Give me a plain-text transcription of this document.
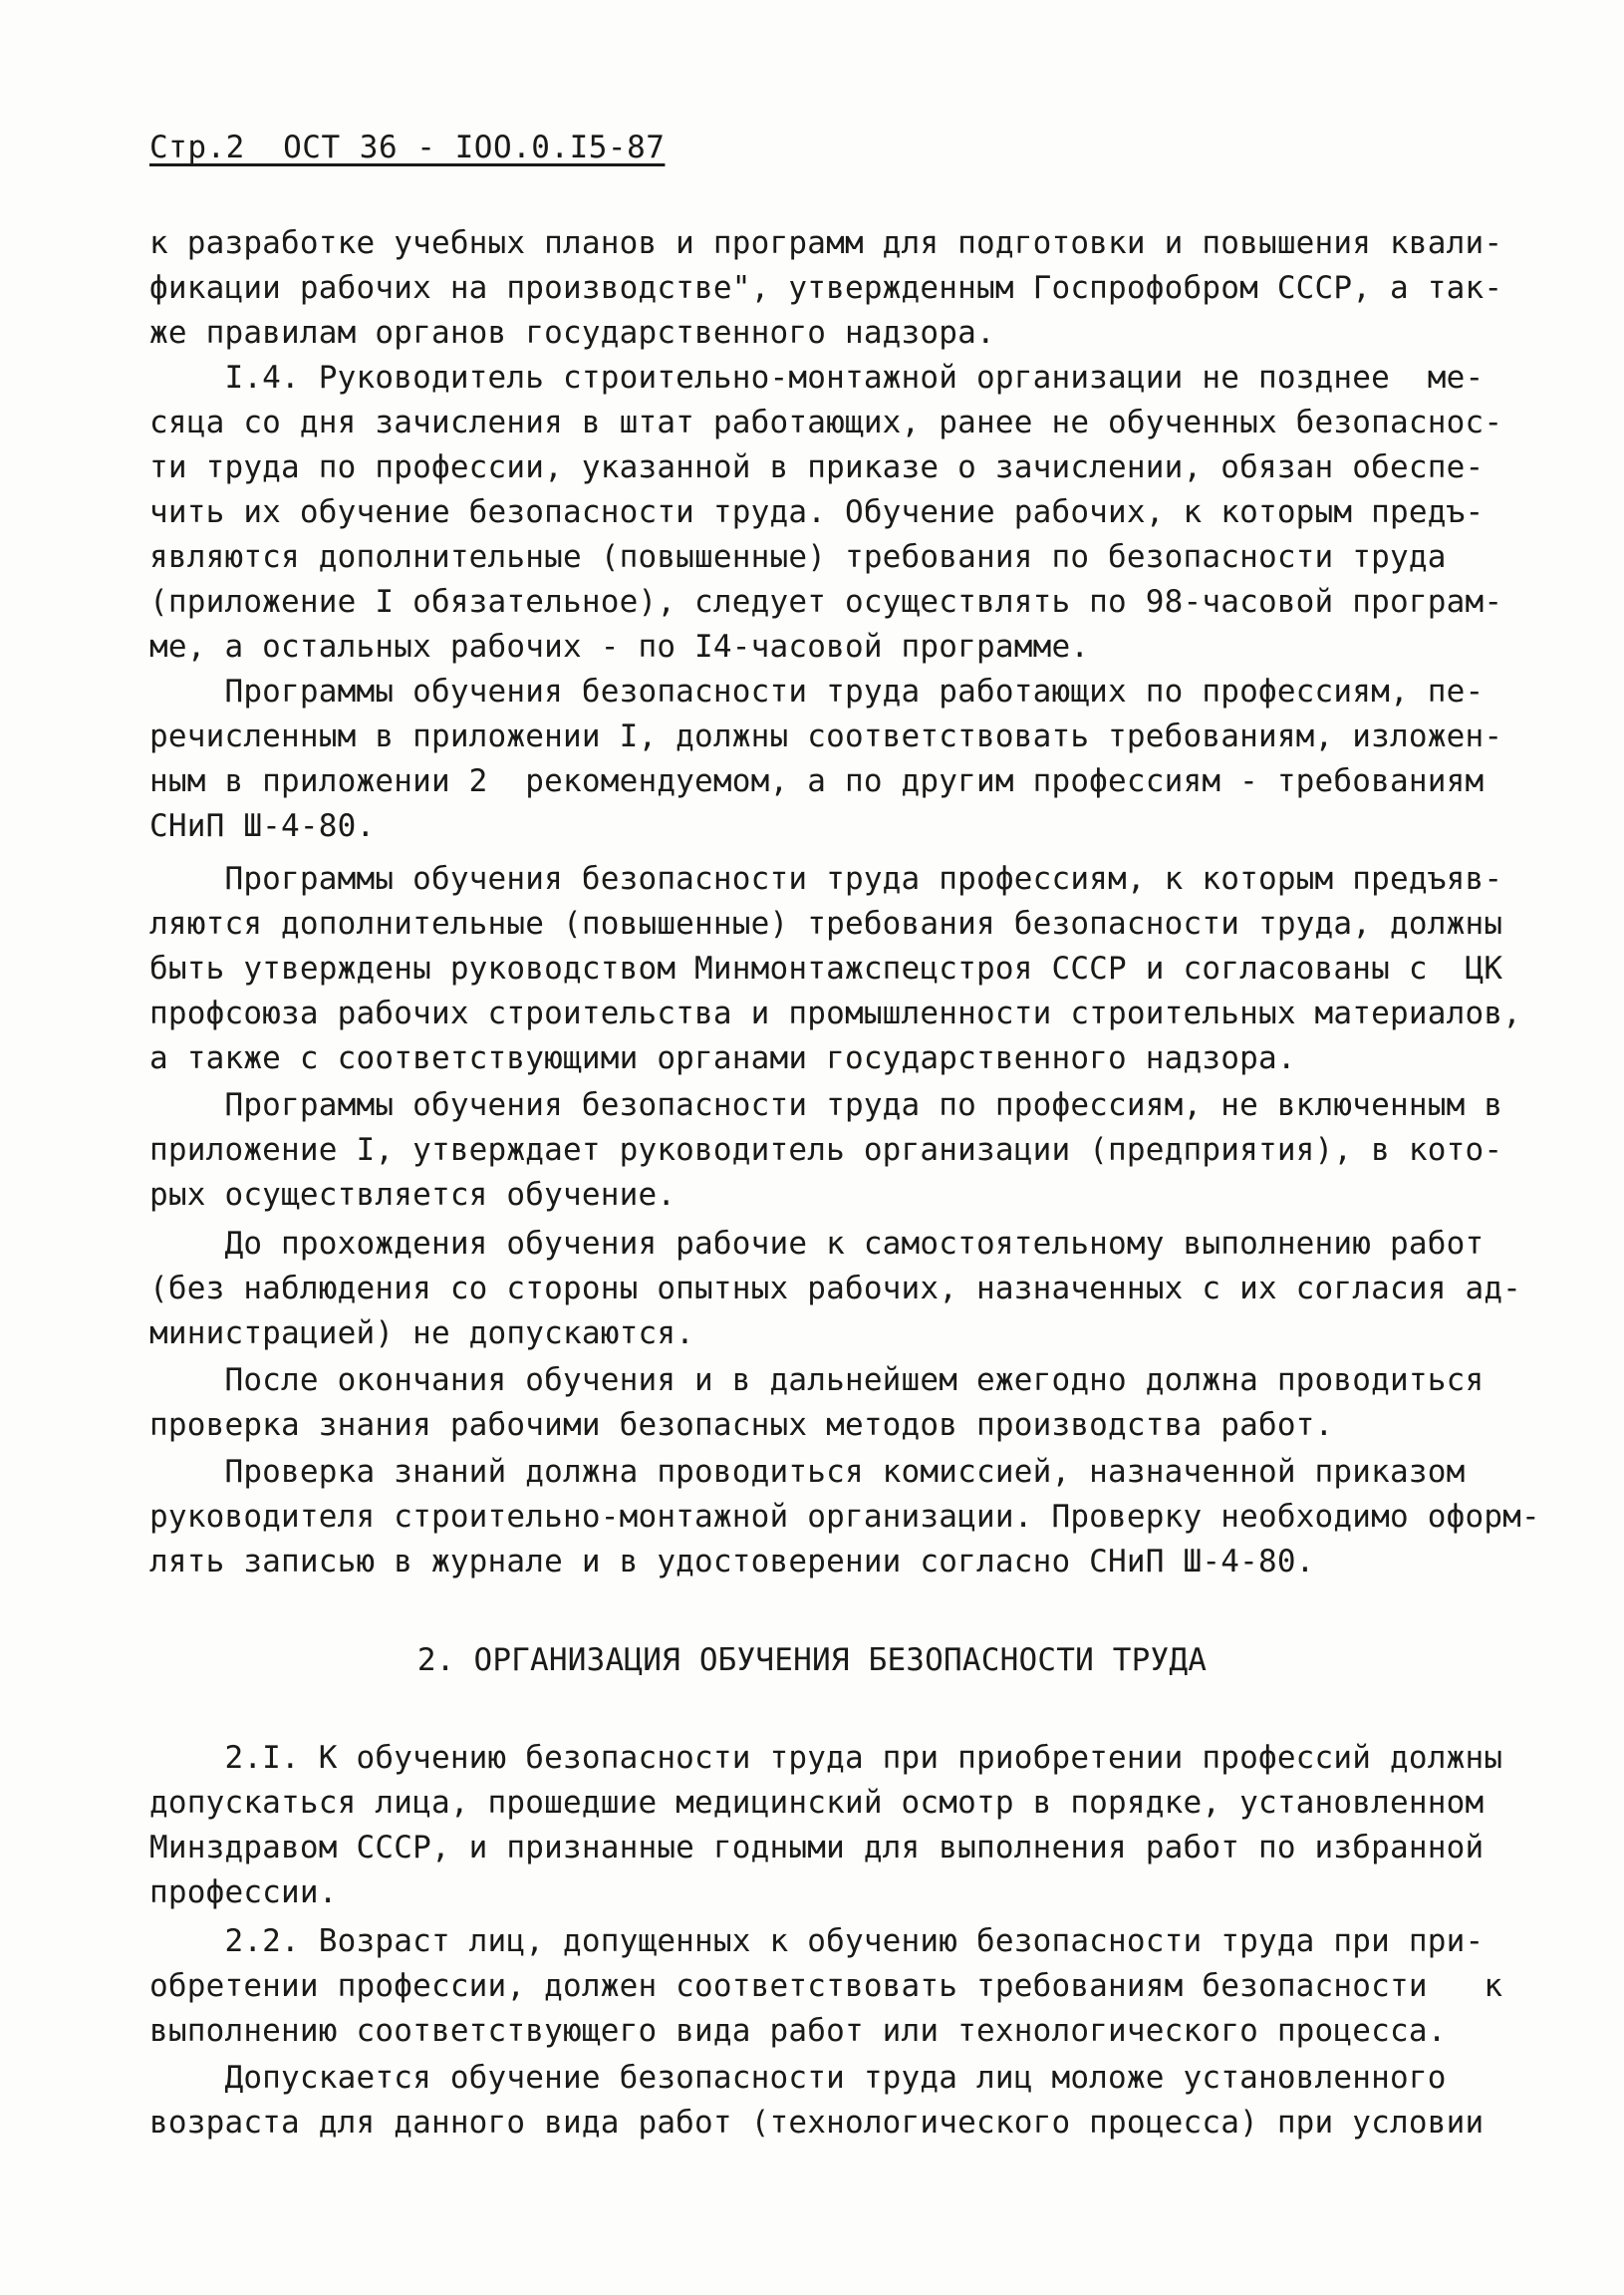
Стр.2  ОСТ 36 - IOO.0.I5-87
к разработке учебных планов и программ для подготовки и повышения квали-
фикации рабочих на производстве", утвержденным Госпрофобром СССР, а так-
же правилам органов государственного надзора.
I.4. Руководитель строительно-монтажной организации не позднее  ме-
сяца со дня зачисления в штат работающих, ранее не обученных безопаснос-
ти труда по профессии, указанной в приказе о зачислении, обязан обеспе-
чить их обучение безопасности труда. Обучение рабочих, к которым предъ-
являются дополнительные (повышенные) требования по безопасности труда
(приложение I обязательное), следует осуществлять по 98-часовой програм-
ме, а остальных рабочих - по I4-часовой программе.
Программы обучения безопасности труда работающих по профессиям, пе-
речисленным в приложении I, должны соответствовать требованиям, изложен-
ным в приложении 2  рекомендуемом, а по другим профессиям - требованиям
СНиП Ш-4-80.
Программы обучения безопасности труда профессиям, к которым предъяв-
ляются дополнительные (повышенные) требования безопасности труда, должны
быть утверждены руководством Минмонтажспецстроя СССР и согласованы с  ЦК
профсоюза рабочих строительства и промышленности строительных материалов,
а также с соответствующими органами государственного надзора.
Программы обучения безопасности труда по профессиям, не включенным в
приложение I, утверждает руководитель организации (предприятия), в кото-
рых осуществляется обучение.
До прохождения обучения рабочие к самостоятельному выполнению работ
(без наблюдения со стороны опытных рабочих, назначенных с их согласия ад-
министрацией) не допускаются.
После окончания обучения и в дальнейшем ежегодно должна проводиться
проверка знания рабочими безопасных методов производства работ.
Проверка знаний должна проводиться комиссией, назначенной приказом
руководителя строительно-монтажной организации. Проверку необходимо оформ-
лять записью в журнале и в удостоверении согласно СНиП Ш-4-80.
2. ОРГАНИЗАЦИЯ ОБУЧЕНИЯ БЕЗОПАСНОСТИ ТРУДА
2.I. К обучению безопасности труда при приобретении профессий должны
допускаться лица, прошедшие медицинский осмотр в порядке, установленном
Минздравом СССР, и признанные годными для выполнения работ по избранной
профессии.
2.2. Возраст лиц, допущенных к обучению безопасности труда при при-
обретении профессии, должен соответствовать требованиям безопасности   к
выполнению соответствующего вида работ или технологического процесса.
Допускается обучение безопасности труда лиц моложе установленного
возраста для данного вида работ (технологического процесса) при условии
